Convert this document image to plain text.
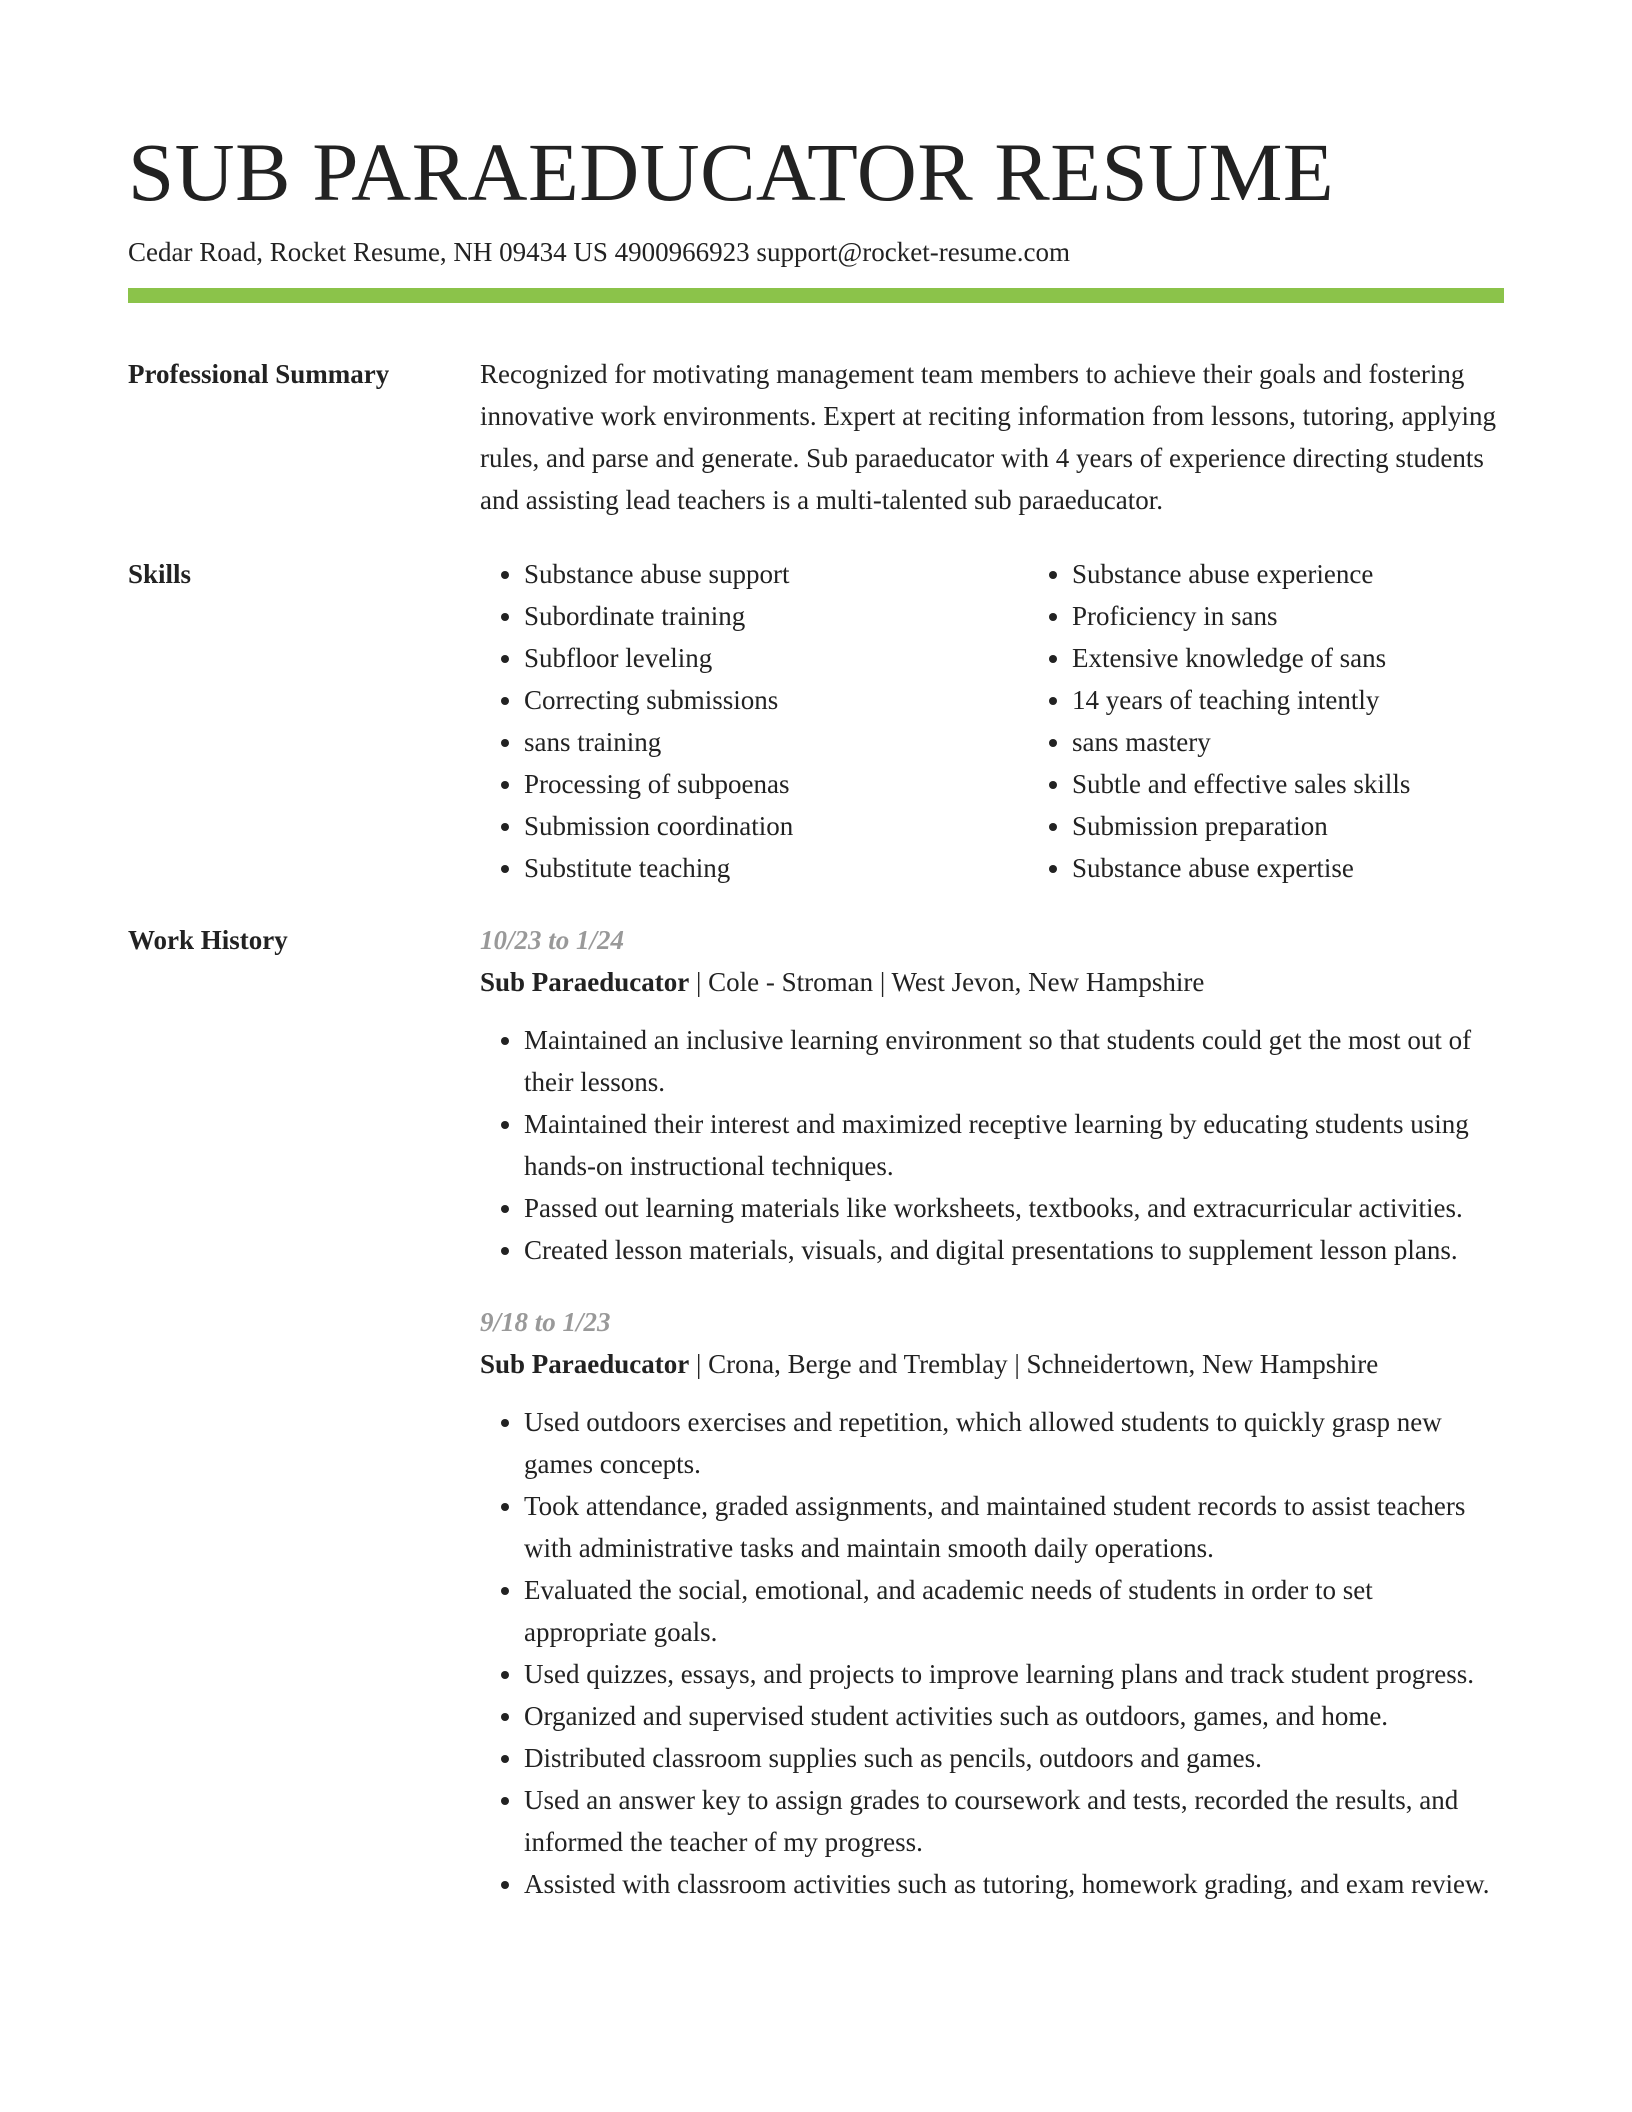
SUB PARAEDUCATOR RESUME
Cedar Road, Rocket Resume, NH 09434 US 4900966923 support@rocket-resume.com
Professional Summary	Recognized for motivating management team members to achieve their goals and fostering innovative work environments. Expert at reciting information from lessons, tutoring, applying rules, and parse and generate. Sub paraeducator with 4 years of experience directing students and assisting lead teachers is a multi-talented sub paraeducator.

Skills
•	Substance abuse support
• Subordinate training
• Subfloor leveling
• Correcting submissions
• sans training
• Processing of subpoenas
• Submission coordination
• Substitute teaching
• Substance abuse experience
• Proficiency in sans
• Extensive knowledge of sans
• 14 years of teaching intently
• sans mastery
• Subtle and effective sales skills
• Submission preparation
• Substance abuse expertise
Work History	10/23 to 1/24
Sub Paraeducator | Cole - Stroman | West Jevon, New Hampshire
• Maintained an inclusive learning environment so that students could get the most out of their lessons.
• Maintained their interest and maximized receptive learning by educating students using hands-on instructional techniques.
• Passed out learning materials like worksheets, textbooks, and extracurricular activities.
• Created lesson materials, visuals, and digital presentations to supplement lesson plans.
9/18 to 1/23
Sub Paraeducator | Crona, Berge and Tremblay | Schneidertown, New Hampshire
• Used outdoors exercises and repetition, which allowed students to quickly grasp new games concepts.
• Took attendance, graded assignments, and maintained student records to assist teachers with administrative tasks and maintain smooth daily operations.
• Evaluated the social, emotional, and academic needs of students in order to set appropriate goals.
• Used quizzes, essays, and projects to improve learning plans and track student progress.
• Organized and supervised student activities such as outdoors, games, and home.
• Distributed classroom supplies such as pencils, outdoors and games.
• Used an answer key to assign grades to coursework and tests, recorded the results, and informed the teacher of my progress.
• Assisted with classroom activities such as tutoring, homework grading, and exam review.
